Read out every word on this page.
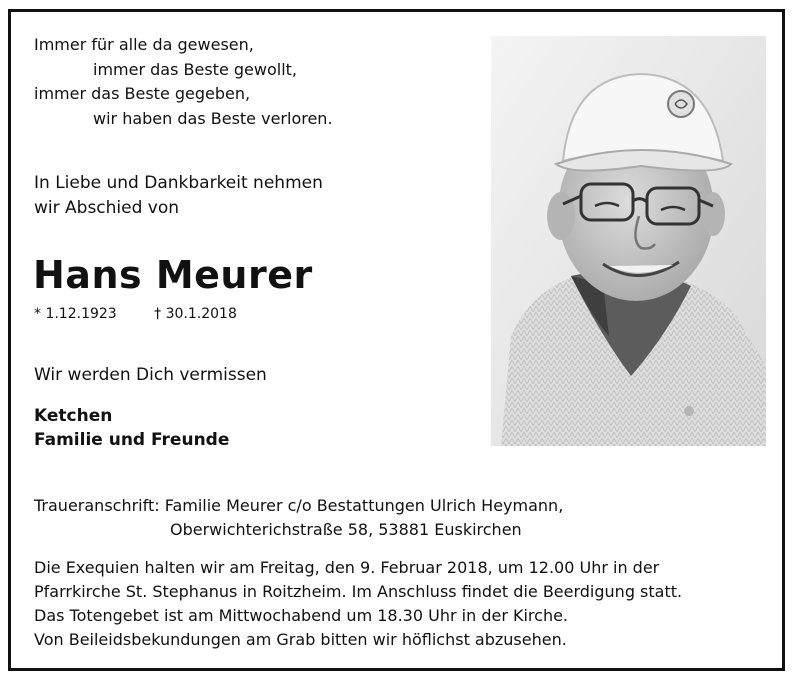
Immer für alle da gewesen,
immer das Beste gewollt,
immer das Beste gegeben,
wir haben das Beste verloren.
In Liebe und Dankbarkeit nehmen
wir Abschied von
Hans Meurer
* 1.12.1923	† 30.1.2018
Wir werden Dich vermissen
Ketchen
Familie und Freunde
Traueranschrift: Familie Meurer c/o Bestattungen Ulrich Heymann,
Oberwichterichstraße 58, 53881 Euskirchen
Die Exequien halten wir am Freitag, den 9. Februar 2018, um 12.00 Uhr in der
Pfarrkirche St. Stephanus in Roitzheim. Im Anschluss findet die Beerdigung statt.
Das Totengebet ist am Mittwochabend um 18.30 Uhr in der Kirche.
Von Beileidsbekundungen am Grab bitten wir höflichst abzusehen.
